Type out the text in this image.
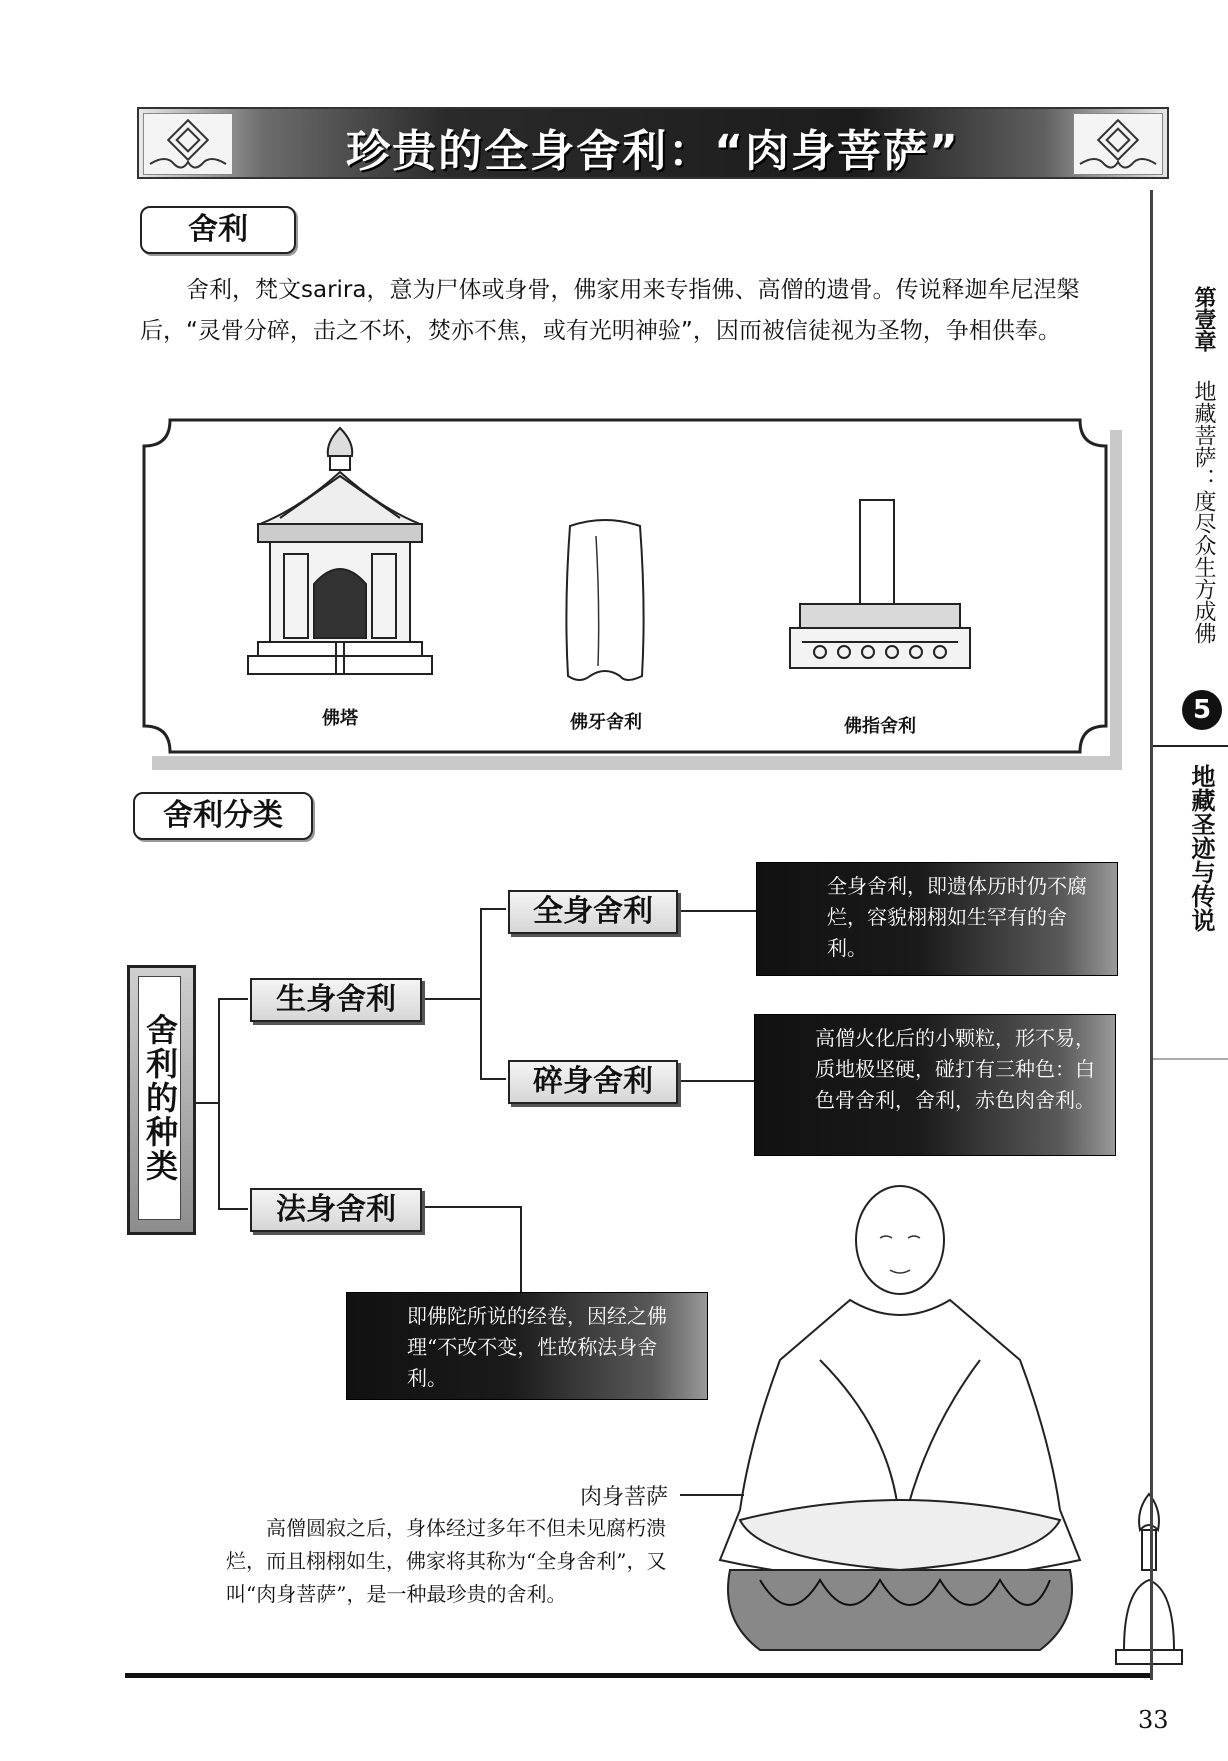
珍贵的全身舍利：“肉身菩萨”
舍利
舍利，梵文sarira，意为尸体或身骨，佛家用来专指佛、高僧的遗骨。传说释迦牟尼涅槃后，“灵骨分碎，击之不坏，焚亦不焦，或有光明神验”，因而被信徒视为圣物，争相供奉。
佛塔	佛牙舍利	佛指舍利
舍利分类
舍利的种类
生身舍利
法身舍利
全身舍利
碎身舍利
全身舍利，即遗体历时仍不腐烂，容貌栩栩如生罕有的舍利。
高僧火化后的小颗粒，形不易，质地极坚硬，碰打有三种色：白色骨舍利，舍利，赤色肉舍利。
即佛陀所说的经卷，因经之佛理“不改不变，性故称法身舍利。
肉身菩萨
高僧圆寂之后，身体经过多年不但未见腐朽溃烂，而且栩栩如生，佛家将其称为“全身舍利”，又叫“肉身菩萨”，是一种最珍贵的舍利。
第壹章
地藏菩萨：度尽众生方成佛
5
地藏圣迹与传说
33
